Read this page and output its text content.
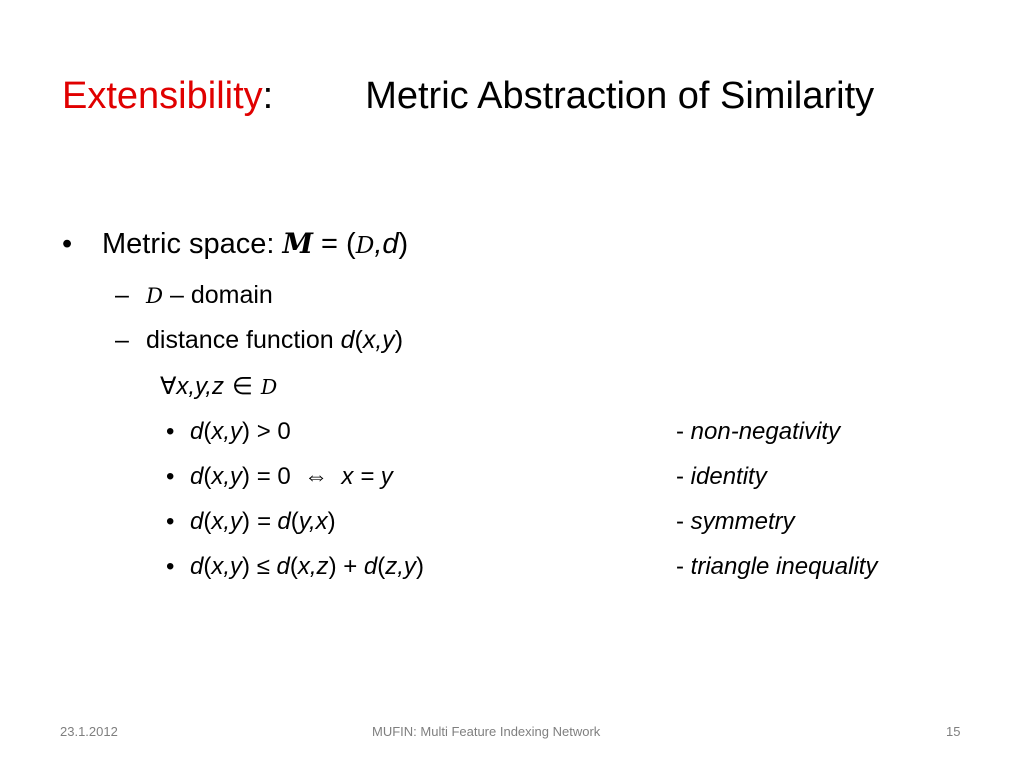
Extensibility: Metric Abstraction of Similarity
• Metric space: M = (D,d)
– D – domain
– distance function d(x,y)
∀x,y,z ∈ D
• d(x,y) > 0	- non-negativity
• d(x,y) = 0  ⇔ x = y	- identity
• d(x,y) = d(y,x)	- symmetry
• d(x,y) ≤ d(x,z) + d(z,y)	- triangle inequality
23.1.2012	MUFIN: Multi Feature Indexing Network	15
